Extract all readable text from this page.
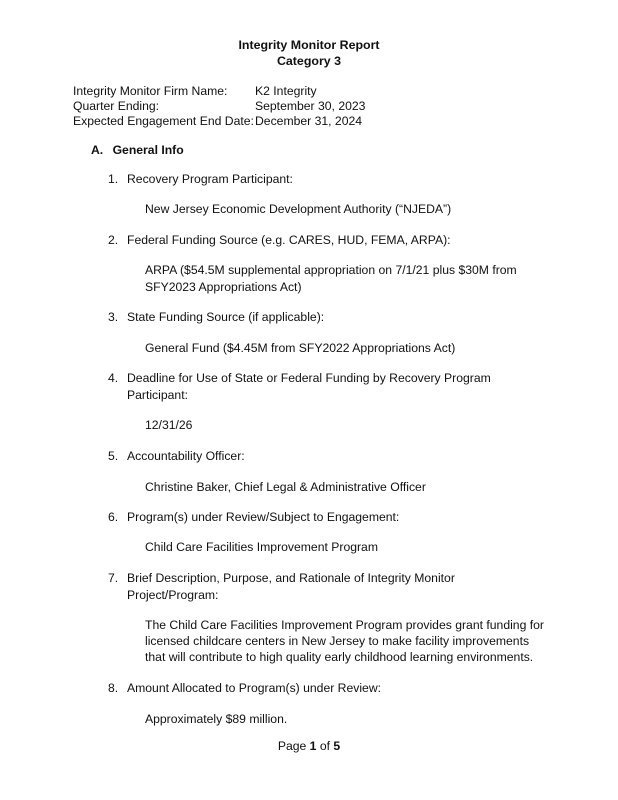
Integrity Monitor Report
Category 3
Integrity Monitor Firm Name: K2 Integrity
Quarter Ending:	September 30, 2023
Expected Engagement End Date: December 31, 2024
A. General Info
1. Recovery Program Participant:
New Jersey Economic Development Authority (“NJEDA”)
2. Federal Funding Source (e.g. CARES, HUD, FEMA, ARPA):
ARPA ($54.5M supplemental appropriation on 7/1/21 plus $30M from
SFY2023 Appropriations Act)
3. State Funding Source (if applicable):
General Fund ($4.45M from SFY2022 Appropriations Act)
4. Deadline for Use of State or Federal Funding by Recovery Program
Participant:
12/31/26
5. Accountability Officer:
Christine Baker, Chief Legal & Administrative Officer
6. Program(s) under Review/Subject to Engagement:
Child Care Facilities Improvement Program
7. Brief Description, Purpose, and Rationale of Integrity Monitor
Project/Program:
The Child Care Facilities Improvement Program provides grant funding for
licensed childcare centers in New Jersey to make facility improvements
that will contribute to high quality early childhood learning environments.
8. Amount Allocated to Program(s) under Review:
Approximately $89 million.
Page 1 of 5
